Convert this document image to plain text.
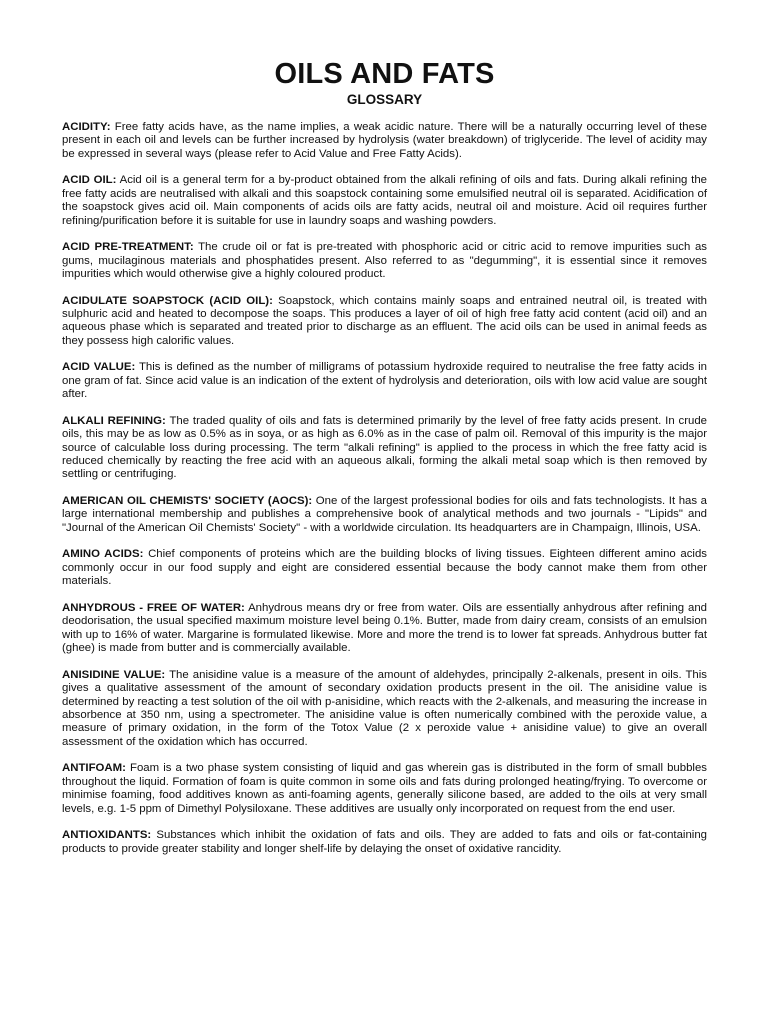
OILS AND FATS
GLOSSARY

ACIDITY: Free fatty acids have, as the name implies, a weak acidic nature. There will be a naturally occurring level of these present in each oil and levels can be further increased by hydrolysis (water breakdown) of triglyceride. The level of acidity may be expressed in several ways (please refer to Acid Value and Free Fatty Acids).

ACID OIL: Acid oil is a general term for a by-product obtained from the alkali refining of oils and fats. During alkali refining the free fatty acids are neutralised with alkali and this soapstock containing some emulsified neutral oil is separated. Acidification of the soapstock gives acid oil. Main components of acids oils are fatty acids, neutral oil and moisture. Acid oil requires further refining/purification before it is suitable for use in laundry soaps and washing powders.

ACID PRE-TREATMENT: The crude oil or fat is pre-treated with phosphoric acid or citric acid to remove impurities such as gums, mucilaginous materials and phosphatides present. Also referred to as "degumming", it is essential since it removes impurities which would otherwise give a highly coloured product.

ACIDULATE SOAPSTOCK (ACID OIL): Soapstock, which contains mainly soaps and entrained neutral oil, is treated with sulphuric acid and heated to decompose the soaps. This produces a layer of oil of high free fatty acid content (acid oil) and an aqueous phase which is separated and treated prior to discharge as an effluent. The acid oils can be used in animal feeds as they possess high calorific values.

ACID VALUE: This is defined as the number of milligrams of potassium hydroxide required to neutralise the free fatty acids in one gram of fat. Since acid value is an indication of the extent of hydrolysis and deterioration, oils with low acid value are sought after.

ALKALI REFINING: The traded quality of oils and fats is determined primarily by the level of free fatty acids present. In crude oils, this may be as low as 0.5% as in soya, or as high as 6.0% as in the case of palm oil. Removal of this impurity is the major source of calculable loss during processing. The term "alkali refining" is applied to the process in which the free fatty acid is reduced chemically by reacting the free acid with an aqueous alkali, forming the alkali metal soap which is then removed by settling or centrifuging.

AMERICAN OIL CHEMISTS' SOCIETY (AOCS): One of the largest professional bodies for oils and fats technologists. It has a large international membership and publishes a comprehensive book of analytical methods and two journals - "Lipids" and "Journal of the American Oil Chemists' Society" - with a worldwide circulation. Its headquarters are in Champaign, Illinois, USA.

AMINO ACIDS: Chief components of proteins which are the building blocks of living tissues. Eighteen different amino acids commonly occur in our food supply and eight are considered essential because the body cannot make them from other materials.

ANHYDROUS - FREE OF WATER: Anhydrous means dry or free from water. Oils are essentially anhydrous after refining and deodorisation, the usual specified maximum moisture level being 0.1%. Butter, made from dairy cream, consists of an emulsion with up to 16% of water. Margarine is formulated likewise. More and more the trend is to lower fat spreads. Anhydrous butter fat (ghee) is made from butter and is commercially available.

ANISIDINE VALUE: The anisidine value is a measure of the amount of aldehydes, principally 2-alkenals, present in oils. This gives a qualitative assessment of the amount of secondary oxidation products present in the oil. The anisidine value is determined by reacting a test solution of the oil with p-anisidine, which reacts with the 2-alkenals, and measuring the increase in absorbence at 350 nm, using a spectrometer. The anisidine value is often numerically combined with the peroxide value, a measure of primary oxidation, in the form of the Totox Value (2 x peroxide value + anisidine value) to give an overall assessment of the oxidation which has occurred.

ANTIFOAM: Foam is a two phase system consisting of liquid and gas wherein gas is distributed in the form of small bubbles throughout the liquid. Formation of foam is quite common in some oils and fats during prolonged heating/frying. To overcome or minimise foaming, food additives known as anti-foaming agents, generally silicone based, are added to the oils at very small levels, e.g. 1-5 ppm of Dimethyl Polysiloxane. These additives are usually only incorporated on request from the end user.

ANTIOXIDANTS: Substances which inhibit the oxidation of fats and oils. They are added to fats and oils or fat-containing products to provide greater stability and longer shelf-life by delaying the onset of oxidative rancidity.
